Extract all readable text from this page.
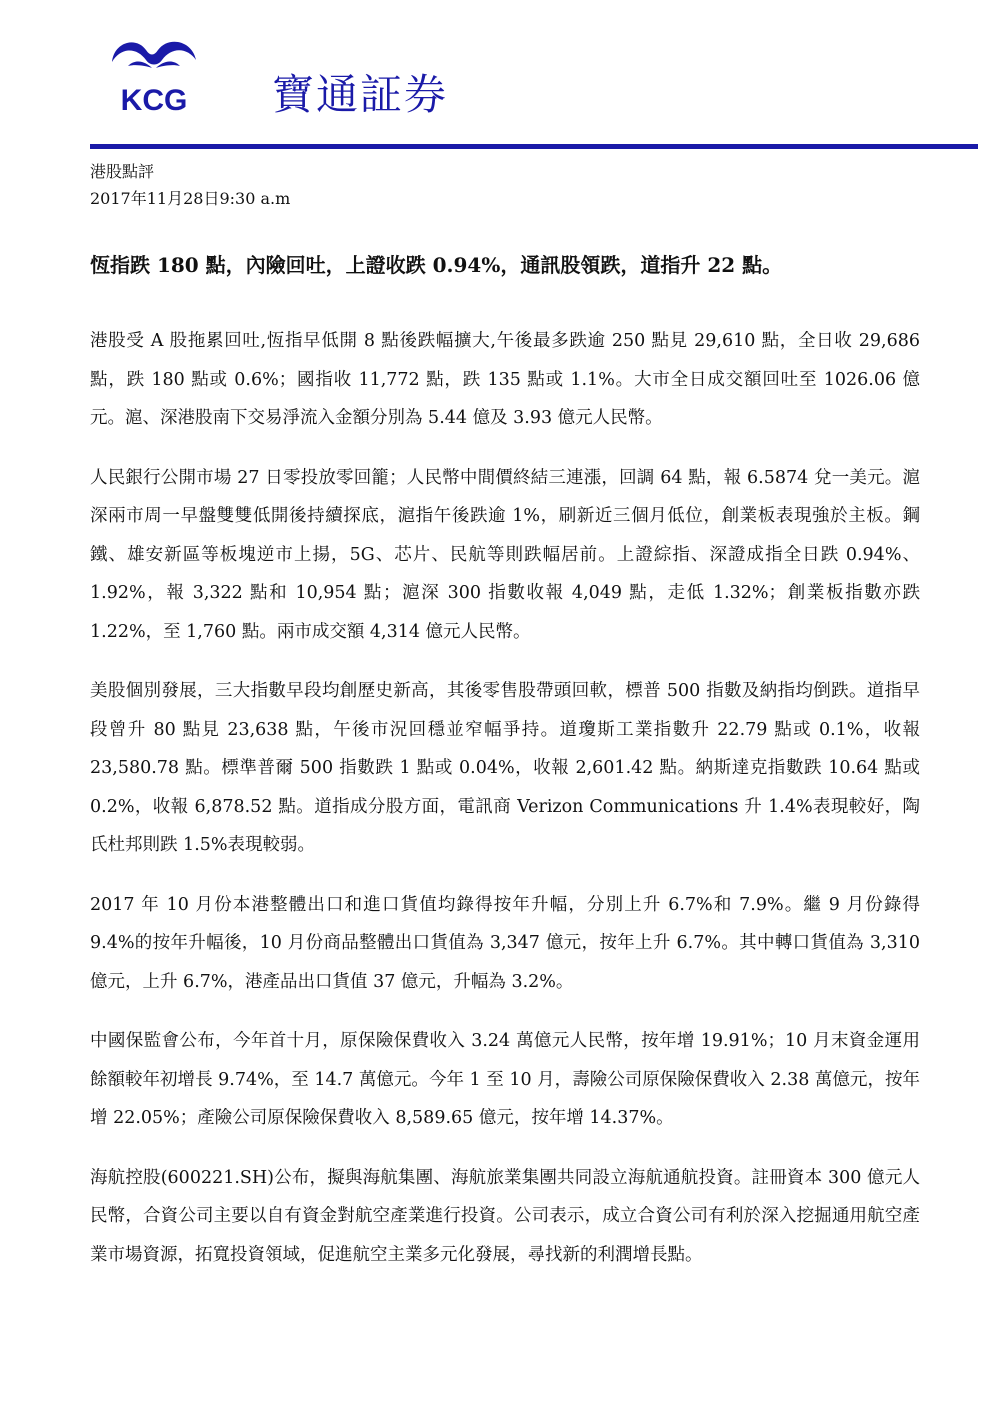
KCG 寶通証券
港股點評
2017年11月28日9:30 a.m
恆指跌 180 點，內險回吐，上證收跌 0.94%，通訊股領跌，道指升 22 點。

港股受 A 股拖累回吐,恆指早低開 8 點後跌幅擴大,午後最多跌逾 250 點見 29,610 點，全日收 29,686 點，跌 180 點或 0.6%；國指收 11,772 點，跌 135 點或 1.1%。大市全日成交額回吐至 1026.06 億元。滬、深港股南下交易淨流入金額分別為 5.44 億及 3.93 億元人民幣。

人民銀行公開市場 27 日零投放零回籠；人民幣中間價終結三連漲，回調 64 點，報 6.5874 兌一美元。滬深兩市周一早盤雙雙低開後持續探底，滬指午後跌逾 1%，刷新近三個月低位，創業板表現強於主板。鋼鐵、雄安新區等板塊逆市上揚，5G、芯片、民航等則跌幅居前。上證綜指、深證成指全日跌 0.94%、1.92%，報 3,322 點和 10,954 點；滬深 300 指數收報 4,049 點，走低 1.32%；創業板指數亦跌 1.22%，至 1,760 點。兩市成交額 4,314 億元人民幣。

美股個別發展，三大指數早段均創歷史新高，其後零售股帶頭回軟，標普 500 指數及納指均倒跌。道指早段曾升 80 點見 23,638 點，午後市況回穩並窄幅爭持。道瓊斯工業指數升 22.79 點或 0.1%，收報 23,580.78 點。標準普爾 500 指數跌 1 點或 0.04%，收報 2,601.42 點。納斯達克指數跌 10.64 點或 0.2%，收報 6,878.52 點。道指成分股方面，電訊商 Verizon Communications 升 1.4%表現較好，陶氏杜邦則跌 1.5%表現較弱。

2017 年 10 月份本港整體出口和進口貨值均錄得按年升幅，分別上升 6.7%和 7.9%。繼 9 月份錄得 9.4%的按年升幅後，10 月份商品整體出口貨值為 3,347 億元，按年上升 6.7%。其中轉口貨值為 3,310 億元，上升 6.7%，港產品出口貨值 37 億元，升幅為 3.2%。

中國保監會公布，今年首十月，原保險保費收入 3.24 萬億元人民幣，按年增 19.91%；10 月末資金運用餘額較年初增長 9.74%，至 14.7 萬億元。今年 1 至 10 月，壽險公司原保險保費收入 2.38 萬億元，按年增 22.05%；產險公司原保險保費收入 8,589.65 億元，按年增 14.37%。

海航控股(600221.SH)公布，擬與海航集團、海航旅業集團共同設立海航通航投資。註冊資本 300 億元人民幣，合資公司主要以自有資金對航空產業進行投資。公司表示，成立合資公司有利於深入挖掘通用航空產業市場資源，拓寬投資領域，促進航空主業多元化發展，尋找新的利潤增長點。
